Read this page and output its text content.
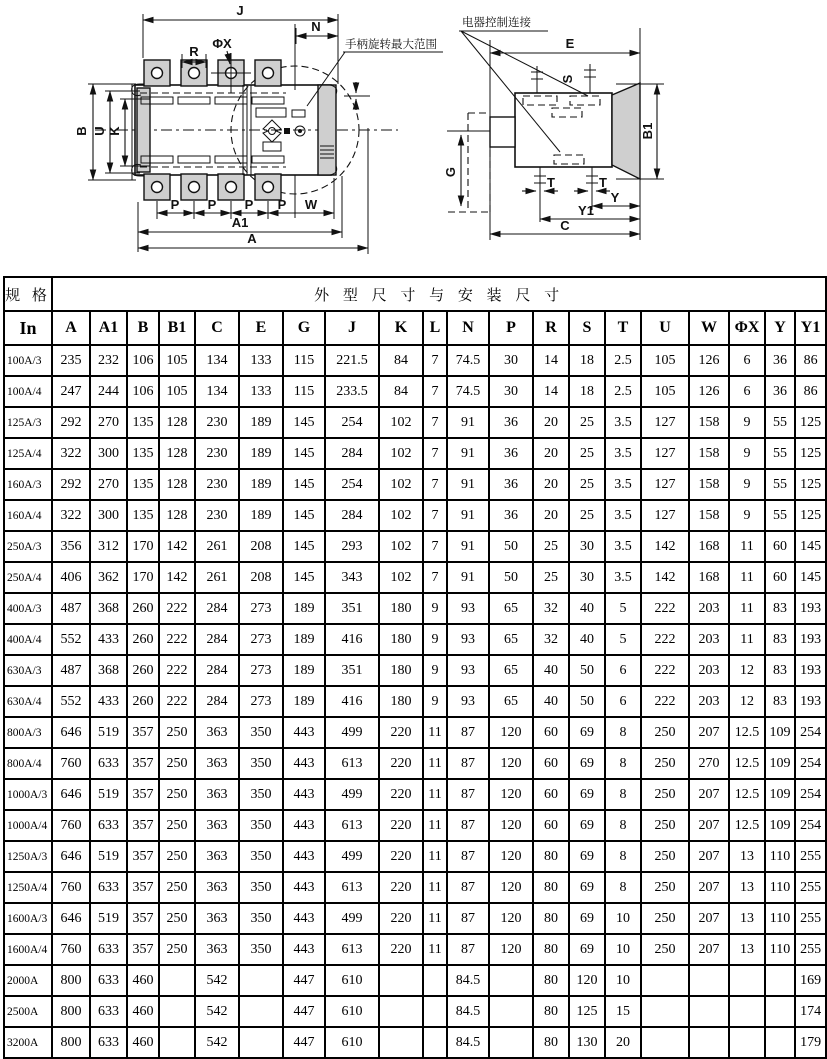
J
N
R
ΦX
B U K
P P P P W
A1
A
手柄旋转最大范围	E
S
G
T	T
Y
Y1
C
B1
电器控制连接
规 格	外 型 尺 寸 与 安 装 尺 寸																			
In	A	A1	B	B1	C	E	G	J	K	L	N	P	R	S	T	U	W	ΦX	Y	Y1
100A/3	235	232	106	105	134	133	115	221.5	84	7	74.5	30	14	18	2.5	105	126	6	36	86
100A/4	247	244	106	105	134	133	115	233.5	84	7	74.5	30	14	18	2.5	105	126	6	36	86
125A/3	292	270	135	128	230	189	145	254	102	7	91	36	20	25	3.5	127	158	9	55	125
125A/4	322	300	135	128	230	189	145	284	102	7	91	36	20	25	3.5	127	158	9	55	125
160A/3	292	270	135	128	230	189	145	254	102	7	91	36	20	25	3.5	127	158	9	55	125
160A/4	322	300	135	128	230	189	145	284	102	7	91	36	20	25	3.5	127	158	9	55	125
250A/3	356	312	170	142	261	208	145	293	102	7	91	50	25	30	3.5	142	168	11	60	145
250A/4	406	362	170	142	261	208	145	343	102	7	91	50	25	30	3.5	142	168	11	60	145
400A/3	487	368	260	222	284	273	189	351	180	9	93	65	32	40	5	222	203	11	83	193
400A/4	552	433	260	222	284	273	189	416	180	9	93	65	32	40	5	222	203	11	83	193
630A/3	487	368	260	222	284	273	189	351	180	9	93	65	40	50	6	222	203	12	83	193
630A/4	552	433	260	222	284	273	189	416	180	9	93	65	40	50	6	222	203	12	83	193
800A/3	646	519	357	250	363	350	443	499	220	11	87	120	60	69	8	250	207	12.5	109	254
800A/4	760	633	357	250	363	350	443	613	220	11	87	120	60	69	8	250	270	12.5	109	254
1000A/3	646	519	357	250	363	350	443	499	220	11	87	120	60	69	8	250	207	12.5	109	254
1000A/4	760	633	357	250	363	350	443	613	220	11	87	120	60	69	8	250	207	12.5	109	254
1250A/3	646	519	357	250	363	350	443	499	220	11	87	120	80	69	8	250	207	13	110	255
1250A/4	760	633	357	250	363	350	443	613	220	11	87	120	80	69	8	250	207	13	110	255
1600A/3	646	519	357	250	363	350	443	499	220	11	87	120	80	69	10	250	207	13	110	255
1600A/4	760	633	357	250	363	350	443	613	220	11	87	120	80	69	10	250	207	13	110	255
2000A	800	633	460		542		447	610			84.5		80	120	10					169
2500A	800	633	460		542		447	610			84.5		80	125	15					174
3200A	800	633	460		542		447	610			84.5		80	130	20					179
